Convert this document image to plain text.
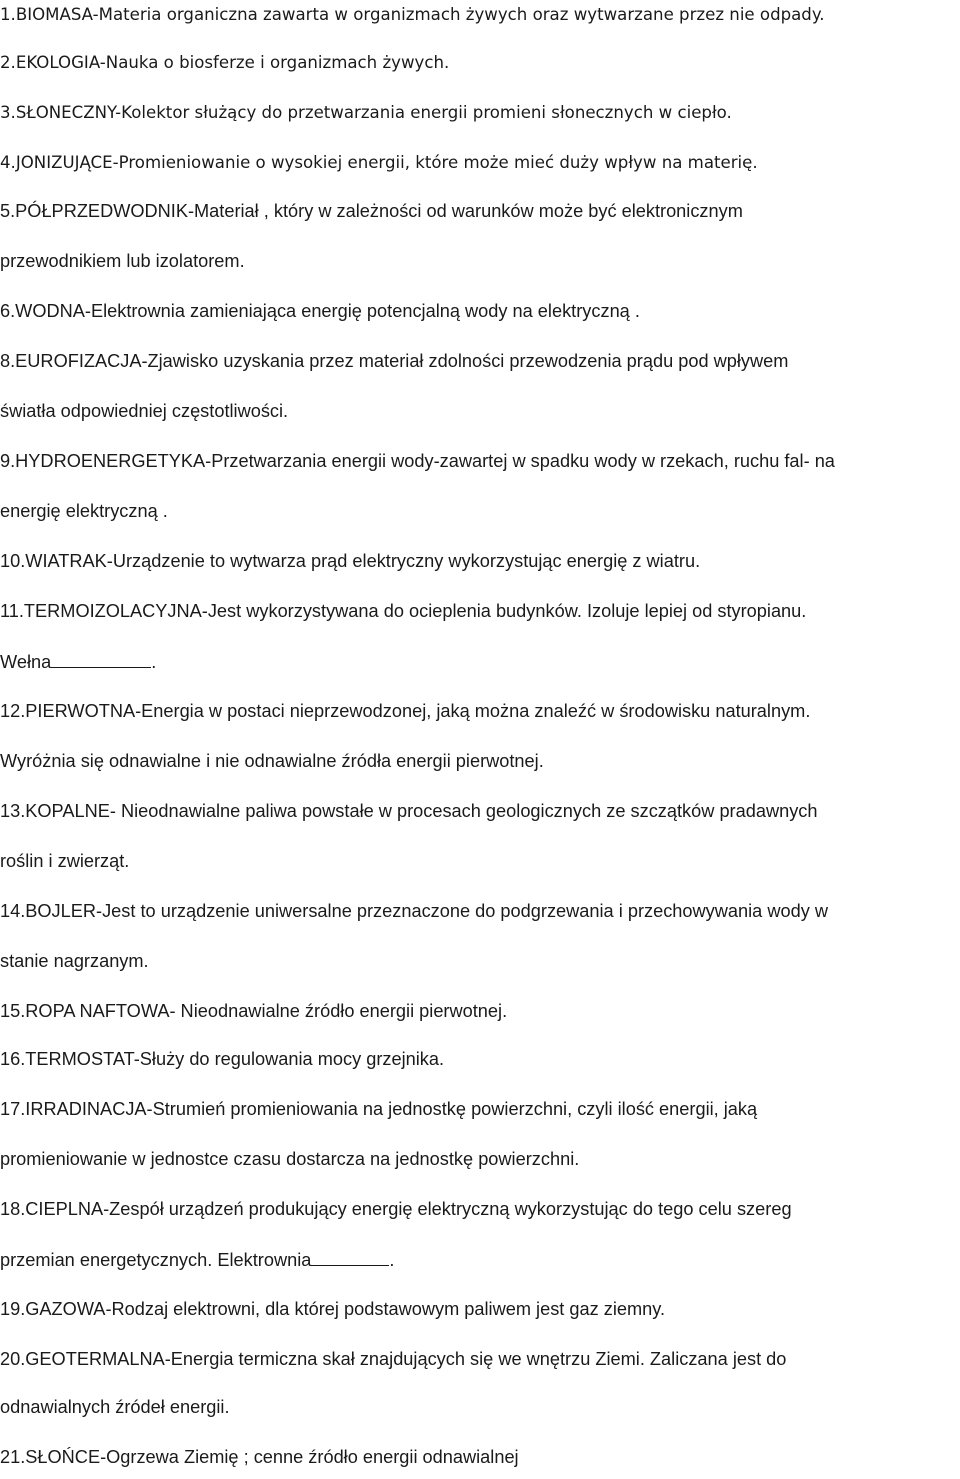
1.BIOMASA-Materia organiczna zawarta w organizmach żywych oraz wytwarzane przez nie odpady.
2.EKOLOGIA-Nauka o biosferze i organizmach żywych.
3.SŁONECZNY-Kolektor służący do przetwarzania energii promieni słonecznych w ciepło.
4.JONIZUJĄCE-Promieniowanie o wysokiej energii, które może mieć duży wpływ na materię.
5.PÓŁPRZEDWODNIK-Materiał , który w zależności od warunków może być elektronicznym
przewodnikiem lub izolatorem.
6.WODNA-Elektrownia zamieniająca energię potencjalną wody na elektryczną .
8.EUROFIZACJA-Zjawisko uzyskania przez materiał zdolności przewodzenia prądu pod wpływem
światła odpowiedniej częstotliwości.
9.HYDROENERGETYKA-Przetwarzania energii wody-zawartej w spadku wody w rzekach, ruchu fal- na
energię elektryczną .
10.WIATRAK-Urządzenie to wytwarza prąd elektryczny wykorzystując energię z wiatru.
11.TERMOIZOLACYJNA-Jest wykorzystywana do ocieplenia budynków. Izoluje lepiej od styropianu.
Wełna	.
12.PIERWOTNA-Energia w postaci nieprzewodzonej, jaką można znaleźć w środowisku naturalnym.
Wyróżnia się odnawialne i nie odnawialne źródła energii pierwotnej.
13.KOPALNE- Nieodnawialne paliwa powstałe w procesach geologicznych ze szczątków pradawnych
roślin i zwierząt.
14.BOJLER-Jest to urządzenie uniwersalne przeznaczone do podgrzewania i przechowywania wody w
stanie nagrzanym.
15.ROPA NAFTOWA- Nieodnawialne źródło energii pierwotnej.
16.TERMOSTAT-Służy do regulowania mocy grzejnika.
17.IRRADINACJA-Strumień promieniowania na jednostkę powierzchni, czyli ilość energii, jaką
promieniowanie w jednostce czasu dostarcza na jednostkę powierzchni.
18.CIEPLNA-Zespół urządzeń produkujący energię elektryczną wykorzystując do tego celu szereg
przemian energetycznych. Elektrownia	.
19.GAZOWA-Rodzaj elektrowni, dla której podstawowym paliwem jest gaz ziemny.
20.GEOTERMALNA-Energia termiczna skał znajdujących się we wnętrzu Ziemi. Zaliczana jest do
odnawialnych źródeł energii.
21.SŁOŃCE-Ogrzewa Ziemię ; cenne źródło energii odnawialnej
